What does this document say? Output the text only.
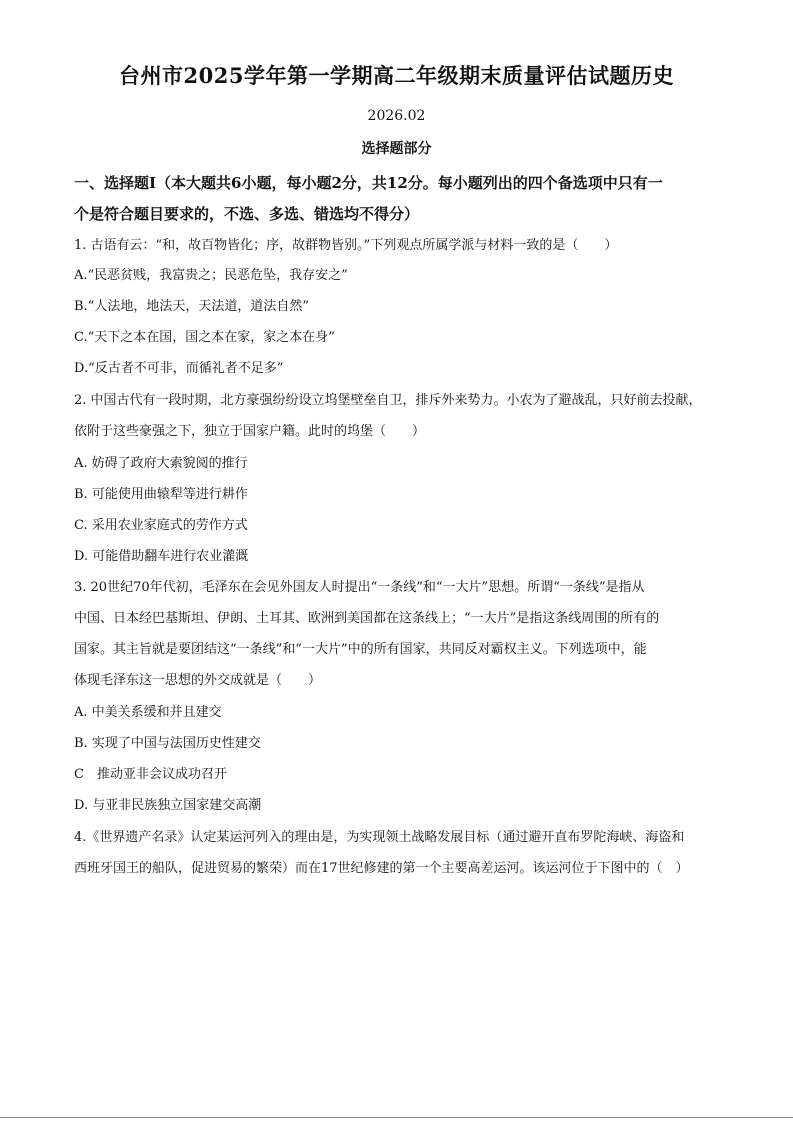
台州市2025学年第一学期高二年级期末质量评估试题历史
2026.02
选择题部分
一、选择题Ⅰ（本大题共6小题，每小题2分，共12分。每小题列出的四个备选项中只有一
个是符合题目要求的，不选、多选、错选均不得分）
1. 古语有云：“和，故百物皆化；序，故群物皆别。”下列观点所属学派与材料一致的是（　　）
A.“民恶贫贱，我富贵之；民恶危坠，我存安之”
B.“人法地，地法天，天法道，道法自然”
C.“天下之本在国，国之本在家，家之本在身”
D.“反古者不可非，而循礼者不足多”
2. 中国古代有一段时期，北方豪强纷纷设立坞堡壁垒自卫，排斥外来势力。小农为了避战乱，只好前去投献，
依附于这些豪强之下，独立于国家户籍。此时的坞堡（　　）
A. 妨碍了政府大索貌阅的推行
B. 可能使用曲辕犁等进行耕作
C. 采用农业家庭式的劳作方式
D. 可能借助翻车进行农业灌溉
3. 20世纪70年代初，毛泽东在会见外国友人时提出“一条线”和“一大片”思想。所谓“一条线”是指从
中国、日本经巴基斯坦、伊朗、土耳其、欧洲到美国都在这条线上；“一大片”是指这条线周围的所有的
国家。其主旨就是要团结这“一条线”和“一大片”中的所有国家，共同反对霸权主义。下列选项中，能
体现毛泽东这一思想的外交成就是（　　）
A. 中美关系缓和并且建交
B. 实现了中国与法国历史性建交
C　推动亚非会议成功召开
D. 与亚非民族独立国家建交高潮
4.《世界遗产名录》认定某运河列入的理由是，为实现领土战略发展目标（通过避开直布罗陀海峡、海盗和
西班牙国王的船队，促进贸易的繁荣）而在17世纪修建的第一个主要高差运河。该运河位于下图中的（　）
